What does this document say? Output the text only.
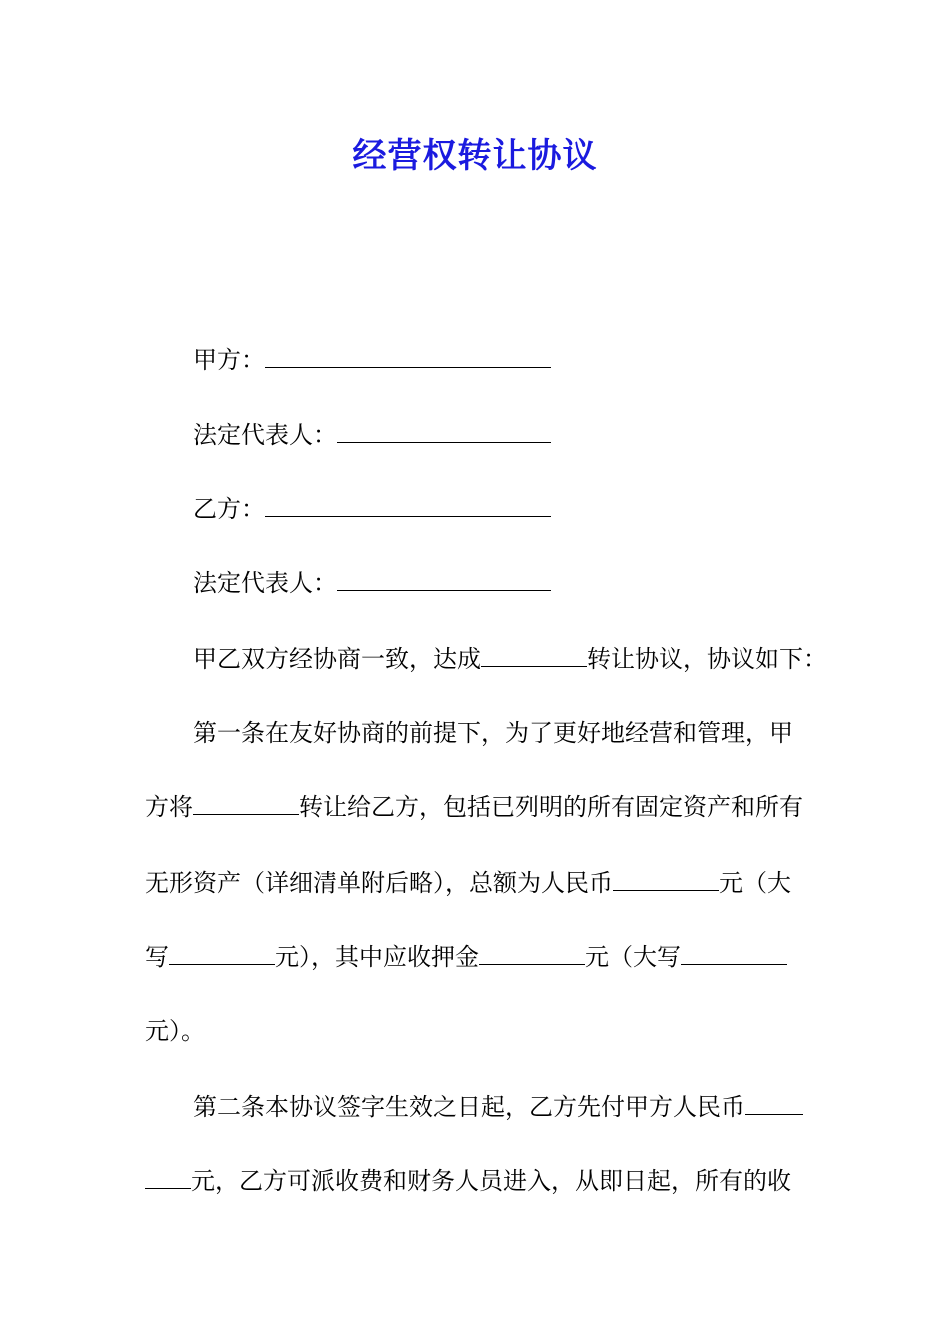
经营权转让协议
甲方：
法定代表人：
乙方：
法定代表人：
甲乙双方经协商一致，达成	转让协议，协议如下：
第一条在友好协商的前提下，为了更好地经营和管理，甲
方将	转让给乙方，包括已列明的所有固定资产和所有
无形资产（详细清单附后略），总额为人民币	元（大
写	元），其中应收押金	元（大写
元）。
第二条本协议签字生效之日起，乙方先付甲方人民币
元，乙方可派收费和财务人员进入，从即日起，所有的收
